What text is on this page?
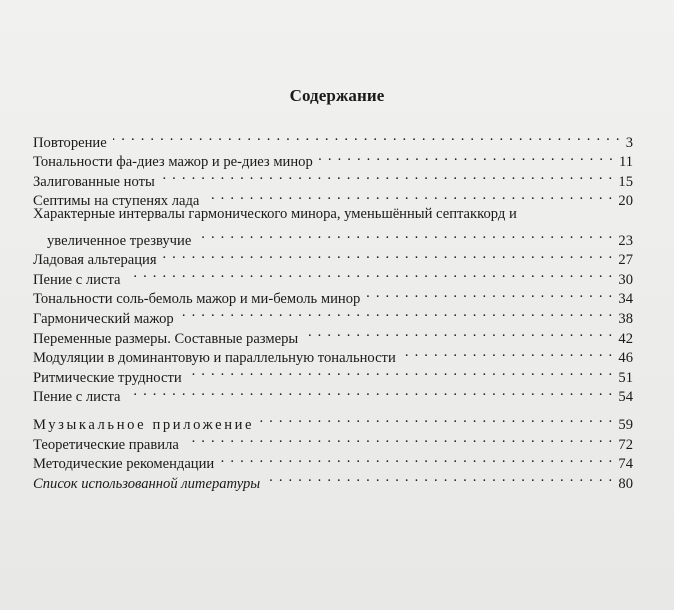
Содержание
Повторение . . .	3
Тональности фа-диез мажор и ре-диез минор . . .	11
Залигованные ноты . . .	15
Септимы на ступенях лада . . .	20
Характерные интервалы гармонического минора, уменьшённый септаккорд и
увеличенное трезвучие . . .	23
Ладовая альтерация . . .	27
Пение с листа . . .	30
Тональности соль-бемоль мажор и ми-бемоль минор . . .	34
Гармонический мажор . . .	38
Переменные размеры. Составные размеры . . .	42
Модуляции в доминантовую и параллельную тональности . . .	46
Ритмические трудности . . .	51
Пение с листа . . .	54
Музыкальное приложение . . .	59
Теоретические правила . . .	72
Методические рекомендации . . .	74
Список использованной литературы . . .	80
